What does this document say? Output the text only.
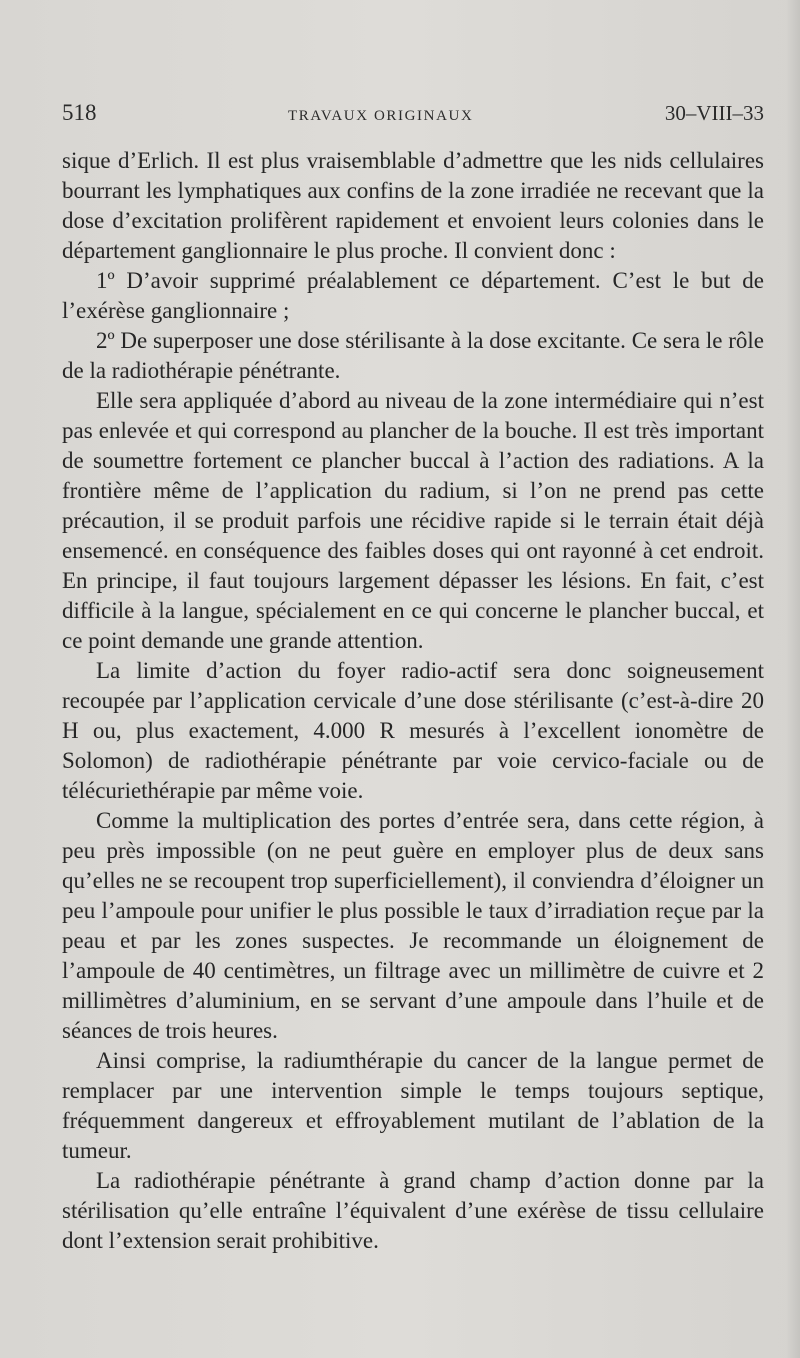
518	TRAVAUX ORIGINAUX	30–VIII–33

sique d’Erlich. Il est plus vraisemblable d’admettre que les nids cellulaires bourrant les lymphatiques aux confins de la zone irradiée ne recevant que la dose d’excitation prolifèrent rapidement et envoient leurs colonies dans le département ganglionnaire le plus proche. Il convient donc :

1º D’avoir supprimé préalablement ce département. C’est le but de l’exérèse ganglionnaire ;

2º De superposer une dose stérilisante à la dose excitante. Ce sera le rôle de la radiothérapie pénétrante.

Elle sera appliquée d’abord au niveau de la zone intermédiaire qui n’est pas enlevée et qui correspond au plancher de la bouche. Il est très important de soumettre fortement ce plancher buccal à l’action des radiations. A la frontière même de l’application du radium, si l’on ne prend pas cette précaution, il se produit parfois une récidive rapide si le terrain était déjà ensemencé. en conséquence des faibles doses qui ont rayonné à cet endroit. En principe, il faut toujours largement dépasser les lésions. En fait, c’est difficile à la langue, spécialement en ce qui concerne le plancher buccal, et ce point demande une grande attention.

La limite d’action du foyer radio-actif sera donc soigneusement recoupée par l’application cervicale d’une dose stérilisante (c’est-à-dire 20 H ou, plus exactement, 4.000 R mesurés à l’excellent ionomètre de Solomon) de radiothérapie pénétrante par voie cervico-faciale ou de télécuriethérapie par même voie.

Comme la multiplication des portes d’entrée sera, dans cette région, à peu près impossible (on ne peut guère en employer plus de deux sans qu’elles ne se recoupent trop superficiellement), il conviendra d’éloigner un peu l’ampoule pour unifier le plus possible le taux d’irradiation reçue par la peau et par les zones suspectes. Je recommande un éloignement de l’ampoule de 40 centimètres, un filtrage avec un millimètre de cuivre et 2 millimètres d’aluminium, en se servant d’une ampoule dans l’huile et de séances de trois heures.

Ainsi comprise, la radiumthérapie du cancer de la langue permet de remplacer par une intervention simple le temps toujours septique, fréquemment dangereux et effroyablement mutilant de l’ablation de la tumeur.

La radiothérapie pénétrante à grand champ d’action donne par la stérilisation qu’elle entraîne l’équivalent d’une exérèse de tissu cellulaire dont l’extension serait prohibitive.
